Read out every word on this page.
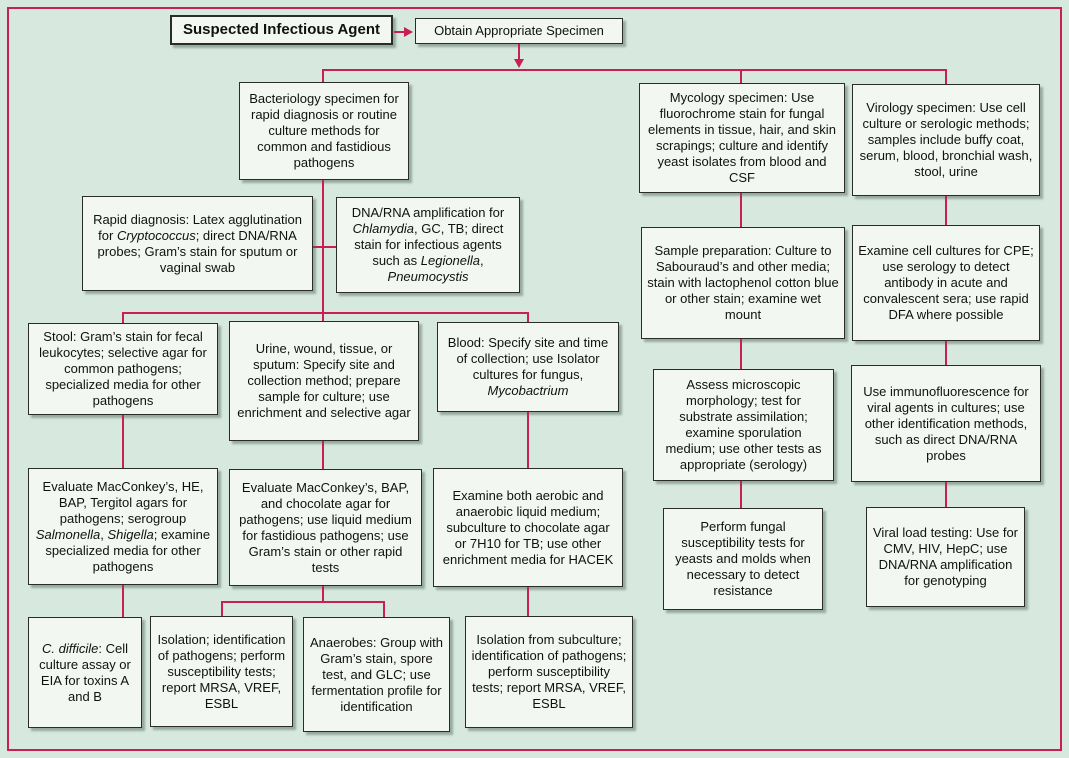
Suspected Infectious Agent	Obtain Appropriate Specimen
Bacteriology specimen for rapid diagnosis or routine culture methods for common and fastidious pathogens
Rapid diagnosis: Latex agglutination for Cryptococcus; direct DNA/RNA probes; Gram’s stain for sputum or vaginal swab
DNA/RNA amplification for Chlamydia, GC, TB; direct stain for infectious agents such as Legionella, Pneumocystis
Stool: Gram’s stain for fecal leukocytes; selective agar for common pathogens; specialized media for other pathogens
Urine, wound, tissue, or sputum: Specify site and collection method; prepare sample for culture; use enrichment and selective agar
Blood: Specify site and time of collection; use Isolator cultures for fungus, Mycobactrium
Evaluate MacConkey’s, HE, BAP, Tergitol agars for pathogens; serogroup Salmonella, Shigella; examine specialized media for other pathogens
Evaluate MacConkey’s, BAP, and chocolate agar for pathogens; use liquid medium for fastidious pathogens; use Gram’s stain or other rapid tests
Examine both aerobic and anaerobic liquid medium; subculture to chocolate agar or 7H10 for TB; use other enrichment media for HACEK
C. difficile: Cell culture assay or EIA for toxins A and B
Isolation; identification of pathogens; perform susceptibility tests; report MRSA, VREF, ESBL
Anaerobes: Group with Gram’s stain, spore test, and GLC; use fermentation profile for identification
Isolation from subculture; identification of pathogens; perform susceptibility tests; report MRSA, VREF, ESBL
Mycology specimen: Use fluorochrome stain for fungal elements in tissue, hair, and skin scrapings; culture and identify yeast isolates from blood and CSF
Sample preparation: Culture to Sabouraud’s and other media; stain with lactophenol cotton blue or other stain; examine wet mount
Assess microscopic morphology; test for substrate assimilation; examine sporulation medium; use other tests as appropriate (serology)
Perform fungal susceptibility tests for yeasts and molds when necessary to detect resistance
Virology specimen: Use cell culture or serologic methods; samples include buffy coat, serum, blood, bronchial wash, stool, urine
Examine cell cultures for CPE; use serology to detect antibody in acute and convalescent sera; use rapid DFA where possible
Use immunofluorescence for viral agents in cultures; use other identification methods, such as direct DNA/RNA probes
Viral load testing: Use for CMV, HIV, HepC; use DNA/RNA amplification for genotyping
